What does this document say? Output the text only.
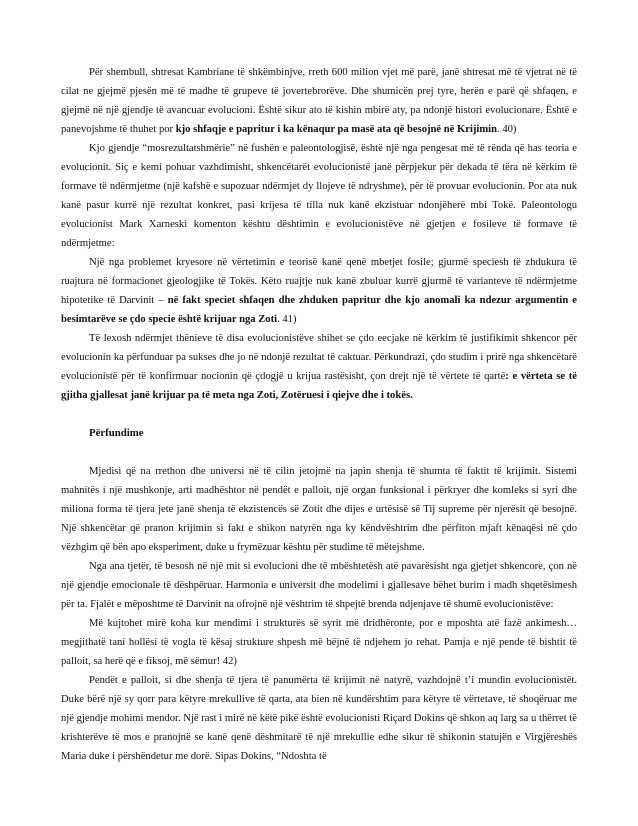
Për shembull, shtresat Kambriane të shkëmbinjve, rreth 600 milion vjet më parë, janë shtresat më të vjetrat në të cilat ne gjejmë pjesën më të madhe të grupeve të jovertebrorëve. Dhe shumicën prej tyre, herën e parë që shfaqen, e gjejmë në një gjendje të avancuar evolucioni. Është sikur ato të kishin mbirë aty, pa ndonjë histori evolucionare. Është e panevojshme të thuhet por kjo shfaqje e papritur i ka kënaqur pa masë ata që besojnë në Krijimin. 40)

Kjo gjendje “mosrezultatshmërie” në fushën e paleontologjisë, është një nga pengesat më të rënda që has teoria e evolucionit. Siç e kemi pohuar vazhdimisht, shkencëtarët evolucionistë janë përpjekur për dekada të tëra në kërkim të formave të ndërmjetme (një kafshë e supozuar ndërmjet dy llojeve të ndryshme), për të provuar evolucionin. Por ata nuk kanë pasur kurrë një rezultat konkret, pasi krijesa të tilla nuk kanë ekzistuar ndonjëherë mbi Tokë. Paleontologu evolucionist Mark Xarneski komenton kështu dështimin e evolucionistëve në gjetjen e fosileve të formave të ndërmjetme:

Një nga problemet kryesore në vërtetimin e teorisë kanë qenë mbetjet fosile; gjurmë speciesh të zhdukura të ruajtura në formacionet gjeologjike të Tokës. Këto ruajtje nuk kanë zbuluar kurrë gjurmë të varianteve të ndërmjetme hipotetike të Darvinit – në fakt speciet shfaqen dhe zhduken papritur dhe kjo anomali ka ndezur argumentin e besimtarëve se çdo specie është krijuar nga Zoti. 41)

Të lexosh ndërmjet thënieve të disa evolucionistëve shihet se çdo eecjake në kërkim të justifikimit shkencor për evolucionin ka përfunduar pa sukses dhe jo në ndonjë rezultat të caktuar. Përkundrazi, çdo studim i prirë nga shkencëtarë evolucionistë për të konfirmuar nocionin që çdogjë u krijua rastësisht, çon drejt një të vërtete të qartë: e vërteta se të gjitha gjallesat janë krijuar pa të meta nga Zoti, Zotëruesi i qiejve dhe i tokës.

Përfundime

Mjedisi që na rrethon dhe universi në të cilin jetojmë na japin shenja të shumta të faktit të krijimit. Sistemi mahnitës i një mushkonje, arti madhështor në pendët e palloit, një organ funksional i përkryer dhe komleks si syri dhe miliona forma të tjera jete janë shenja të ekzistencës së Zotit dhe dijes e urtësisë së Tij supreme për njerësit që besojnë. Një shkencëtar që pranon krijimin si fakt e shikon natyrën nga ky këndvështrim dhe përfiton mjaft kënaqësi në çdo vëzhgim që bën apo eksperiment, duke u frymëzuar kështu për studime të mëtejshme.

Nga ana tjetër, të besosh në një mit si evolucioni dhe të mbështetësh atë pavarësisht nga gjetjet shkencore, çon në një gjendje emocionale të dëshpëruar. Harmonia e universit dhe modelimi i gjallesave bëhet burim i madh shqetësimesh për ta. Fjalët e mëposhtme të Darvinit na ofrojnë një vështrim të shpejtë brenda ndjenjave të shumë evolucionistëve:

Më kujtohet mirë koha kur mendimi i strukturës së syrit më dridhëronte, por e mposhta atë fazë ankimesh…megjithatë tani hollësi të vogla të kësaj strukture shpesh më bëjnë të ndjehem jo rehat. Pamja e një pende të bishtit të palloit, sa herë që e fiksoj, më sëmur! 42)

Pendët e palloit, si dhe shenja të tjera të panumërta të krijimit në natyrë, vazhdojnë t’i mundin evolucionistët. Duke bërë një sy qorr para këtyre mrekullive të qarta, ata bien në kundërshtim para këtyre të vërtetave, të shoqëruar me një gjendje mohimi mendor. Një rast i mirë në këtë pikë është evolucionisti Riçard Dokins që shkon aq larg sa u thërret të krishterëve të mos e pranojnë se kanë qenë dëshmitarë të një mrekullie edhe sikur të shikonin statujën e Virgjëreshës Maria duke i përshëndetur me dorë. Sipas Dokins, “Ndoshta të
